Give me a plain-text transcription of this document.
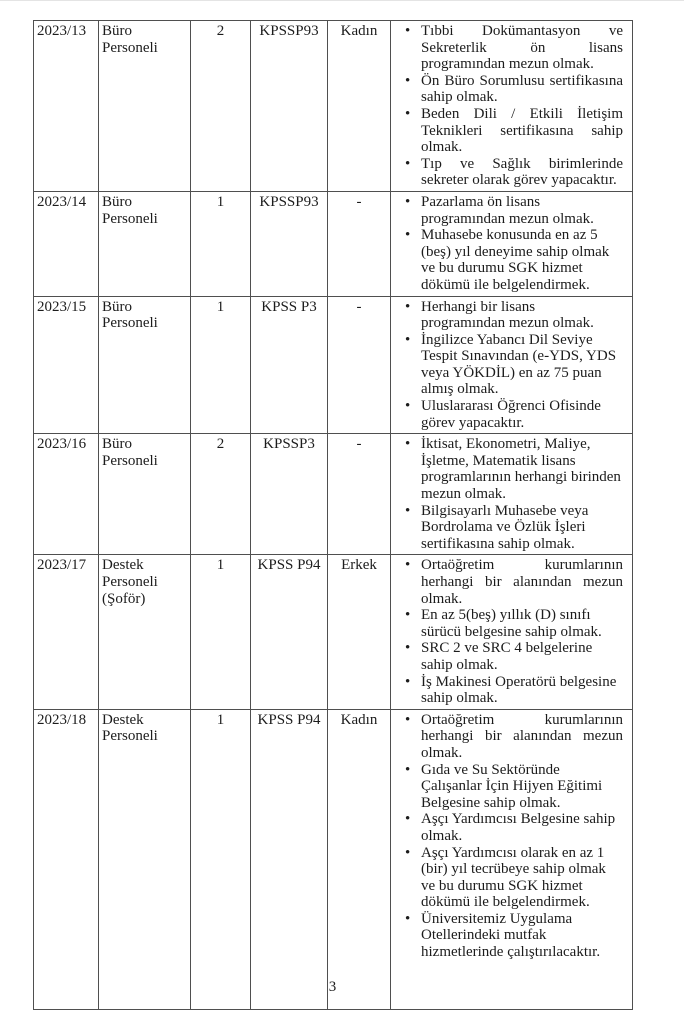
2023/13	Büro Personeli	2	KPSSP93	Kadın	
•Tıbbi Dokümantasyon ve Sekreterlik ön lisans programından mezun olmak.
• Ön Büro Sorumlusu sertifikasına sahip olmak.
• Beden Dili / Etkili İletişim Teknikleri sertifikasına sahip olmak.
• Tıp ve Sağlık birimlerinde sekreter olarak görev yapacaktır.

2023/14	Büro Personeli	1	KPSSP93	-	
•Pazarlama ön lisans programından mezun olmak.
• Muhasebe konusunda en az 5 (beş) yıl deneyime sahip olmak ve bu durumu SGK hizmet dökümü ile belgelendirmek.

2023/15	Büro Personeli	1	KPSS P3	-	
•Herhangi bir lisans programından mezun olmak.
• İngilizce Yabancı Dil Seviye Tespit Sınavından (e-YDS, YDS veya YÖKDİL) en az 75 puan almış olmak.
• Uluslararası Öğrenci Ofisinde görev yapacaktır.

2023/16	Büro Personeli	2	KPSSP3	-	
•İktisat, Ekonometri, Maliye, İşletme, Matematik lisans programlarının herhangi birinden mezun olmak.
• Bilgisayarlı Muhasebe veya Bordrolama ve Özlük İşleri sertifikasına sahip olmak.

2023/17	Destek Personeli (Şoför)	1	KPSS P94	Erkek	
•Ortaöğretim kurumlarının herhangi bir alanından mezun olmak.
• En az 5(beş) yıllık (D) sınıfı sürücü belgesine sahip olmak.
• SRC 2 ve SRC 4 belgelerine sahip olmak.
• İş Makinesi Operatörü belgesine sahip olmak.

2023/18	Destek Personeli	1	KPSS P94	Kadın	
•Ortaöğretim kurumlarının herhangi bir alanından mezun olmak.
• Gıda ve Su Sektöründe Çalışanlar İçin Hijyen Eğitimi Belgesine sahip olmak.
• Aşçı Yardımcısı Belgesine sahip olmak.
• Aşçı Yardımcısı olarak en az 1 (bir) yıl tecrübeye sahip olmak ve bu durumu SGK hizmet dökümü ile belgelendirmek.
• Üniversitemiz Uygulama Otellerindeki mutfak hizmetlerinde çalıştırılacaktır.
3
